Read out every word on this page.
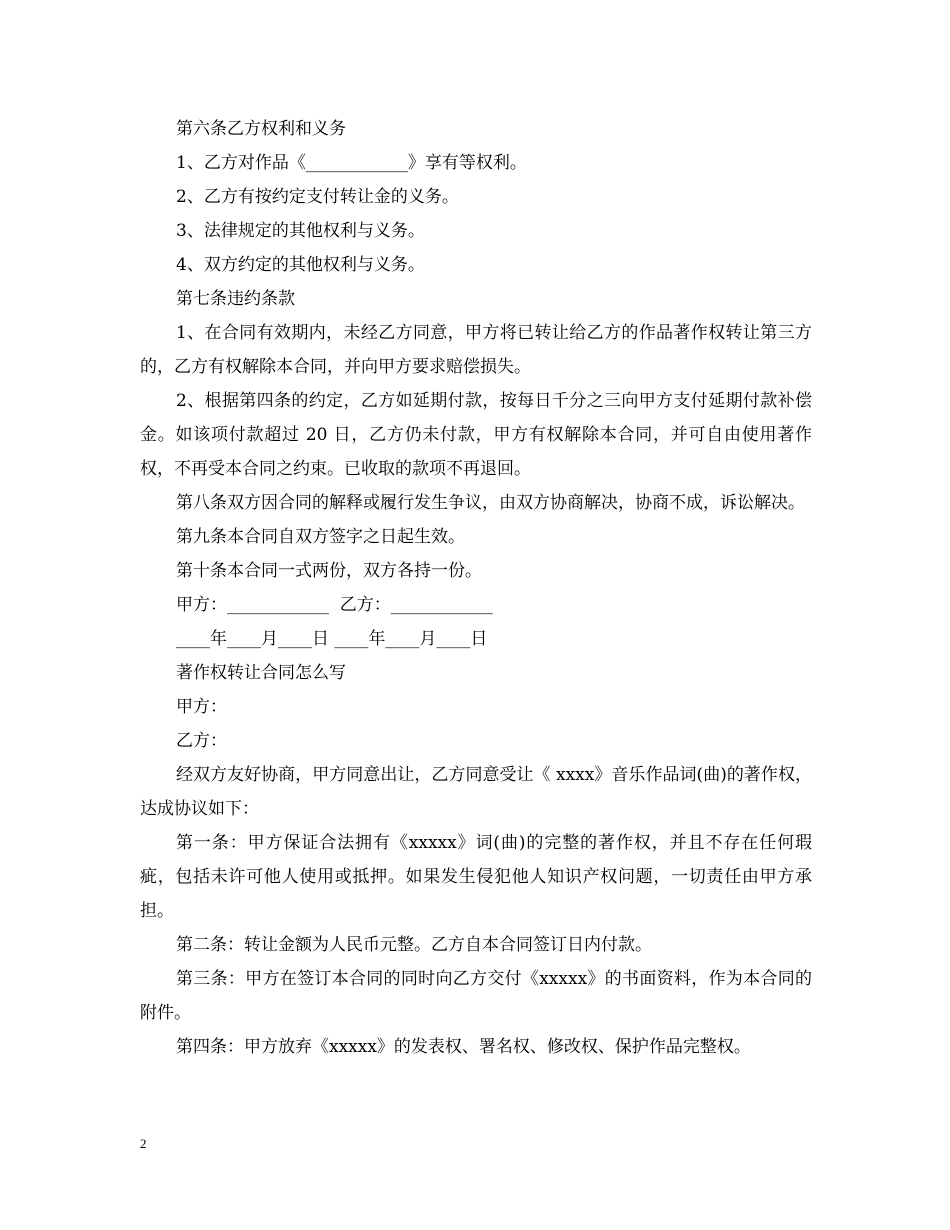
第六条乙方权利和义务

1、乙方对作品《____________》享有等权利。

2、乙方有按约定支付转让金的义务。

3、法律规定的其他权利与义务。

4、双方约定的其他权利与义务。

第七条违约条款

1、在合同有效期内，未经乙方同意，甲方将已转让给乙方的作品著作权转让第三方的，乙方有权解除本合同，并向甲方要求赔偿损失。

2、根据第四条的约定，乙方如延期付款，按每日千分之三向甲方支付延期付款补偿金。如该项付款超过 20 日，乙方仍未付款，甲方有权解除本合同，并可自由使用著作权，不再受本合同之约束。已收取的款项不再退回。

第八条双方因合同的解释或履行发生争议，由双方协商解决，协商不成，诉讼解决。

第九条本合同自双方签字之日起生效。

第十条本合同一式两份，双方各持一份。

甲方：____________  乙方：____________

____年____月____日 ____年____月____日

著作权转让合同怎么写

甲方：

乙方：

经双方友好协商，甲方同意出让，乙方同意受让《 xxxx》音乐作品词(曲)的著作权，达成协议如下：

第一条：甲方保证合法拥有《xxxxx》词(曲)的完整的著作权，并且不存在任何瑕疵，包括未许可他人使用或抵押。如果发生侵犯他人知识产权问题，一切责任由甲方承担。

第二条：转让金额为人民币元整。乙方自本合同签订日内付款。

第三条：甲方在签订本合同的同时向乙方交付《xxxxx》的书面资料，作为本合同的附件。

第四条：甲方放弃《xxxxx》的发表权、署名权、修改权、保护作品完整权。

2
